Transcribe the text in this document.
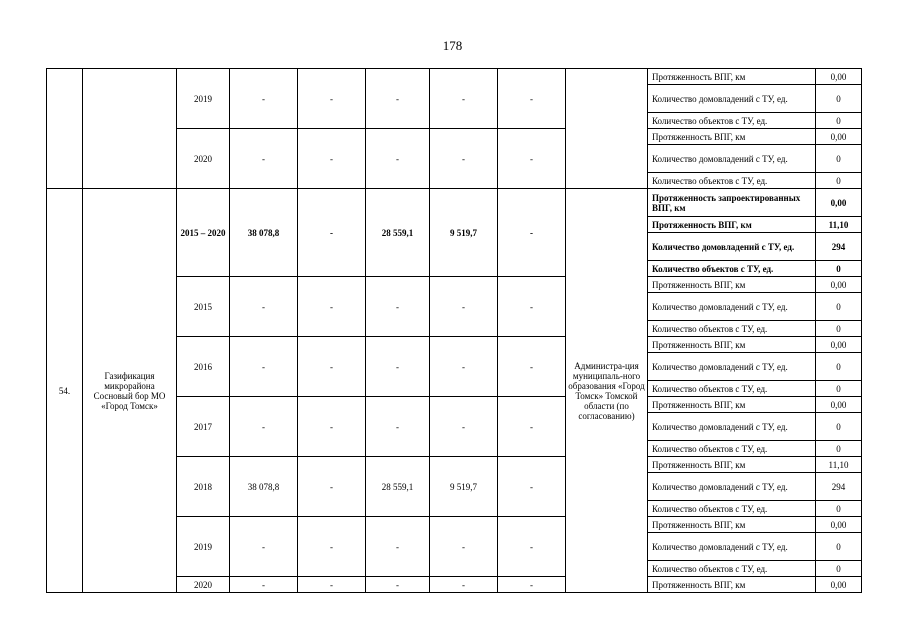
178
		2019	-	-	-	-	-		Протяженность ВПГ, км	0,00
									Количество домовладений с ТУ, ед.	0
									Количество объектов с ТУ, ед.	0
		2020	-	-	-	-	-		Протяженность ВПГ, км	0,00
									Количество домовладений с ТУ, ед.	0
									Количество объектов с ТУ, ед.	0
54.	Газификация микрорайона Сосновый бор МО «Город Томск»	2015 – 2020	38 078,8	-	28 559,1	9 519,7	-	Администра-ция муниципаль-ного образования «Город Томск» Томской области (по согласованию)	Протяженность запроектированных ВПГ, км	0,00
									Протяженность ВПГ, км	11,10
									Количество домовладений с ТУ, ед.	294
									Количество объектов с ТУ, ед.	0
		2015	-	-	-	-	-		Протяженность ВПГ, км	0,00
									Количество домовладений с ТУ, ед.	0
									Количество объектов с ТУ, ед.	0
		2016	-	-	-	-	-		Протяженность ВПГ, км	0,00
									Количество домовладений с ТУ, ед.	0
									Количество объектов с ТУ, ед.	0
		2017	-	-	-	-	-		Протяженность ВПГ, км	0,00
									Количество домовладений с ТУ, ед.	0
									Количество объектов с ТУ, ед.	0
		2018	38 078,8	-	28 559,1	9 519,7	-		Протяженность ВПГ, км	11,10
									Количество домовладений с ТУ, ед.	294
									Количество объектов с ТУ, ед.	0
		2019	-	-	-	-	-		Протяженность ВПГ, км	0,00
									Количество домовладений с ТУ, ед.	0
									Количество объектов с ТУ, ед.	0
		2020	-	-	-	-	-		Протяженность ВПГ, км	0,00
